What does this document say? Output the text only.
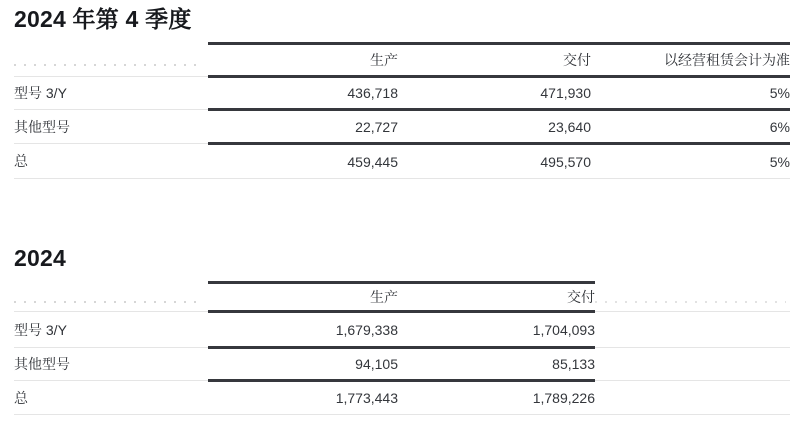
2024 年第 4 季度
	生产	交付	以经营租赁会计为准
型号 3/Y	436,718	471,930	5%
其他型号	22,727	23,640	6%
总	459,445	495,570	5%
2024
	生产	交付	
型号 3/Y	1,679,338	1,704,093	
其他型号	94,105	85,133	
总	1,773,443	1,789,226	
